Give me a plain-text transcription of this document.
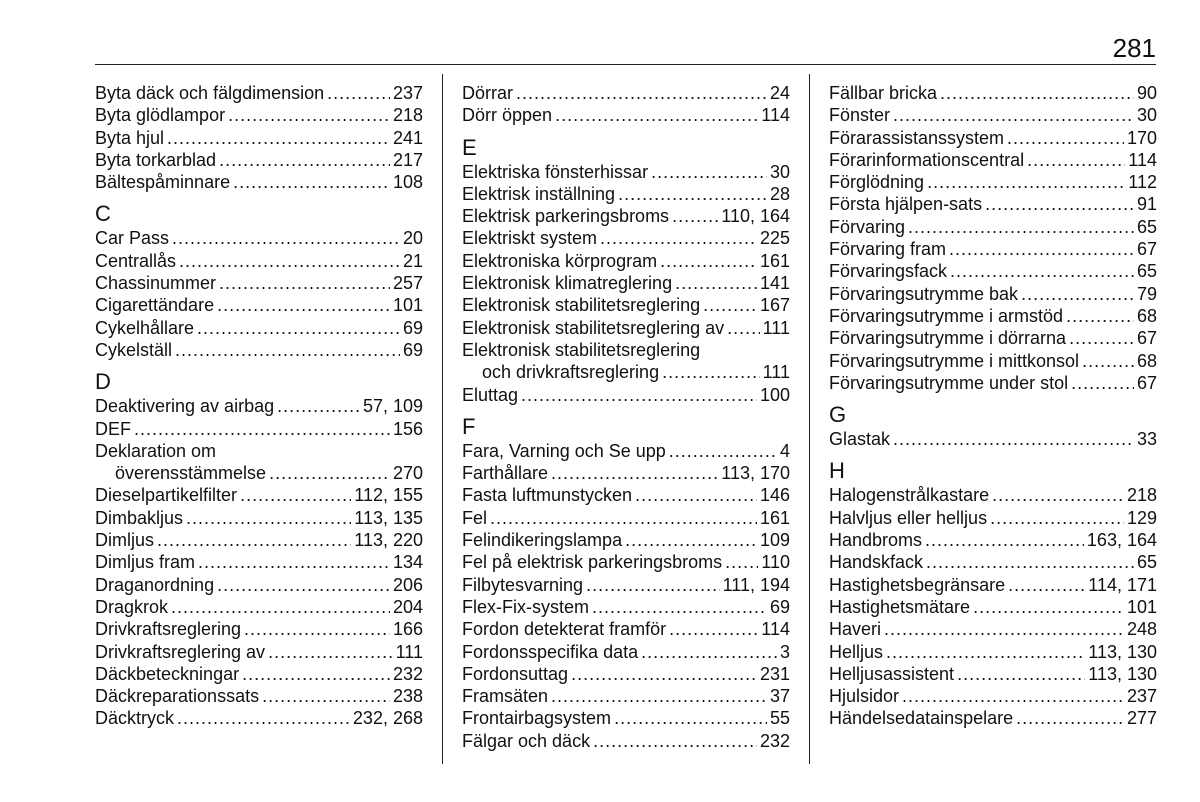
281
Byta däck och fälgdimension .....	237
Byta glödlampor .....	218
Byta hjul .....	241
Byta torkarblad .....	217
Bältespåminnare .....	108
C
Car Pass .....	20
Centrallås .....	21
Chassinummer .....	257
Cigarettändare .....	101
Cykelhållare .....	69
Cykelställ .....	69
D
Deaktivering av airbag .....	57, 109
DEF .....	156
Deklaration om
överensstämmelse .....	270
Dieselpartikelfilter .....	112, 155
Dimbakljus .....	113, 135
Dimljus .....	113, 220
Dimljus fram .....	134
Draganordning .....	206
Dragkrok .....	204
Drivkraftsreglering .....	166
Drivkraftsreglering av .....	111
Däckbeteckningar .....	232
Däckreparationssats .....	238
Däcktryck .....	232, 268
Dörrar .....	24
Dörr öppen .....	114
E
Elektriska fönsterhissar .....	30
Elektrisk inställning .....	28
Elektrisk parkeringsbroms .....	110, 164
Elektriskt system .....	225
Elektroniska körprogram .....	161
Elektronisk klimatreglering .....	141
Elektronisk stabilitetsreglering .....	167
Elektronisk stabilitetsreglering av ..... 111
Elektronisk stabilitetsreglering
och drivkraftsreglering .....	111
Eluttag .....	100
F
Fara, Varning och Se upp .....	4
Farthållare .....	113, 170
Fasta luftmunstycken .....	146
Fel .....	161
Felindikeringslampa .....	109
Fel på elektrisk parkeringsbroms ..... 110
Filbytesvarning .....	111, 194
Flex-Fix-system .....	69
Fordon detekterat framför .....	114
Fordonsspecifika data .....	3
Fordonsuttag .....	231
Framsäten .....	37
Frontairbagsystem .....	55
Fälgar och däck .....	232
Fällbar bricka .....	90
Fönster .....	30
Förarassistanssystem .....	170
Förarinformationscentral .....	114
Förglödning .....	112
Första hjälpen-sats .....	91
Förvaring .....	65
Förvaring fram .....	67
Förvaringsfack .....	65
Förvaringsutrymme bak .....	79
Förvaringsutrymme i armstöd .....	68
Förvaringsutrymme i dörrarna .....	67
Förvaringsutrymme i mittkonsol .....	68
Förvaringsutrymme under stol .....	67
G
Glastak .....	33
H
Halogenstrålkastare .....	218
Halvljus eller helljus .....	129
Handbroms .....	163, 164
Handskfack .....	65
Hastighetsbegränsare .....	114, 171
Hastighetsmätare .....	101
Haveri .....	248
Helljus .....	113, 130
Helljusassistent .....	113, 130
Hjulsidor .....	237
Händelsedatainspelare .....	277
